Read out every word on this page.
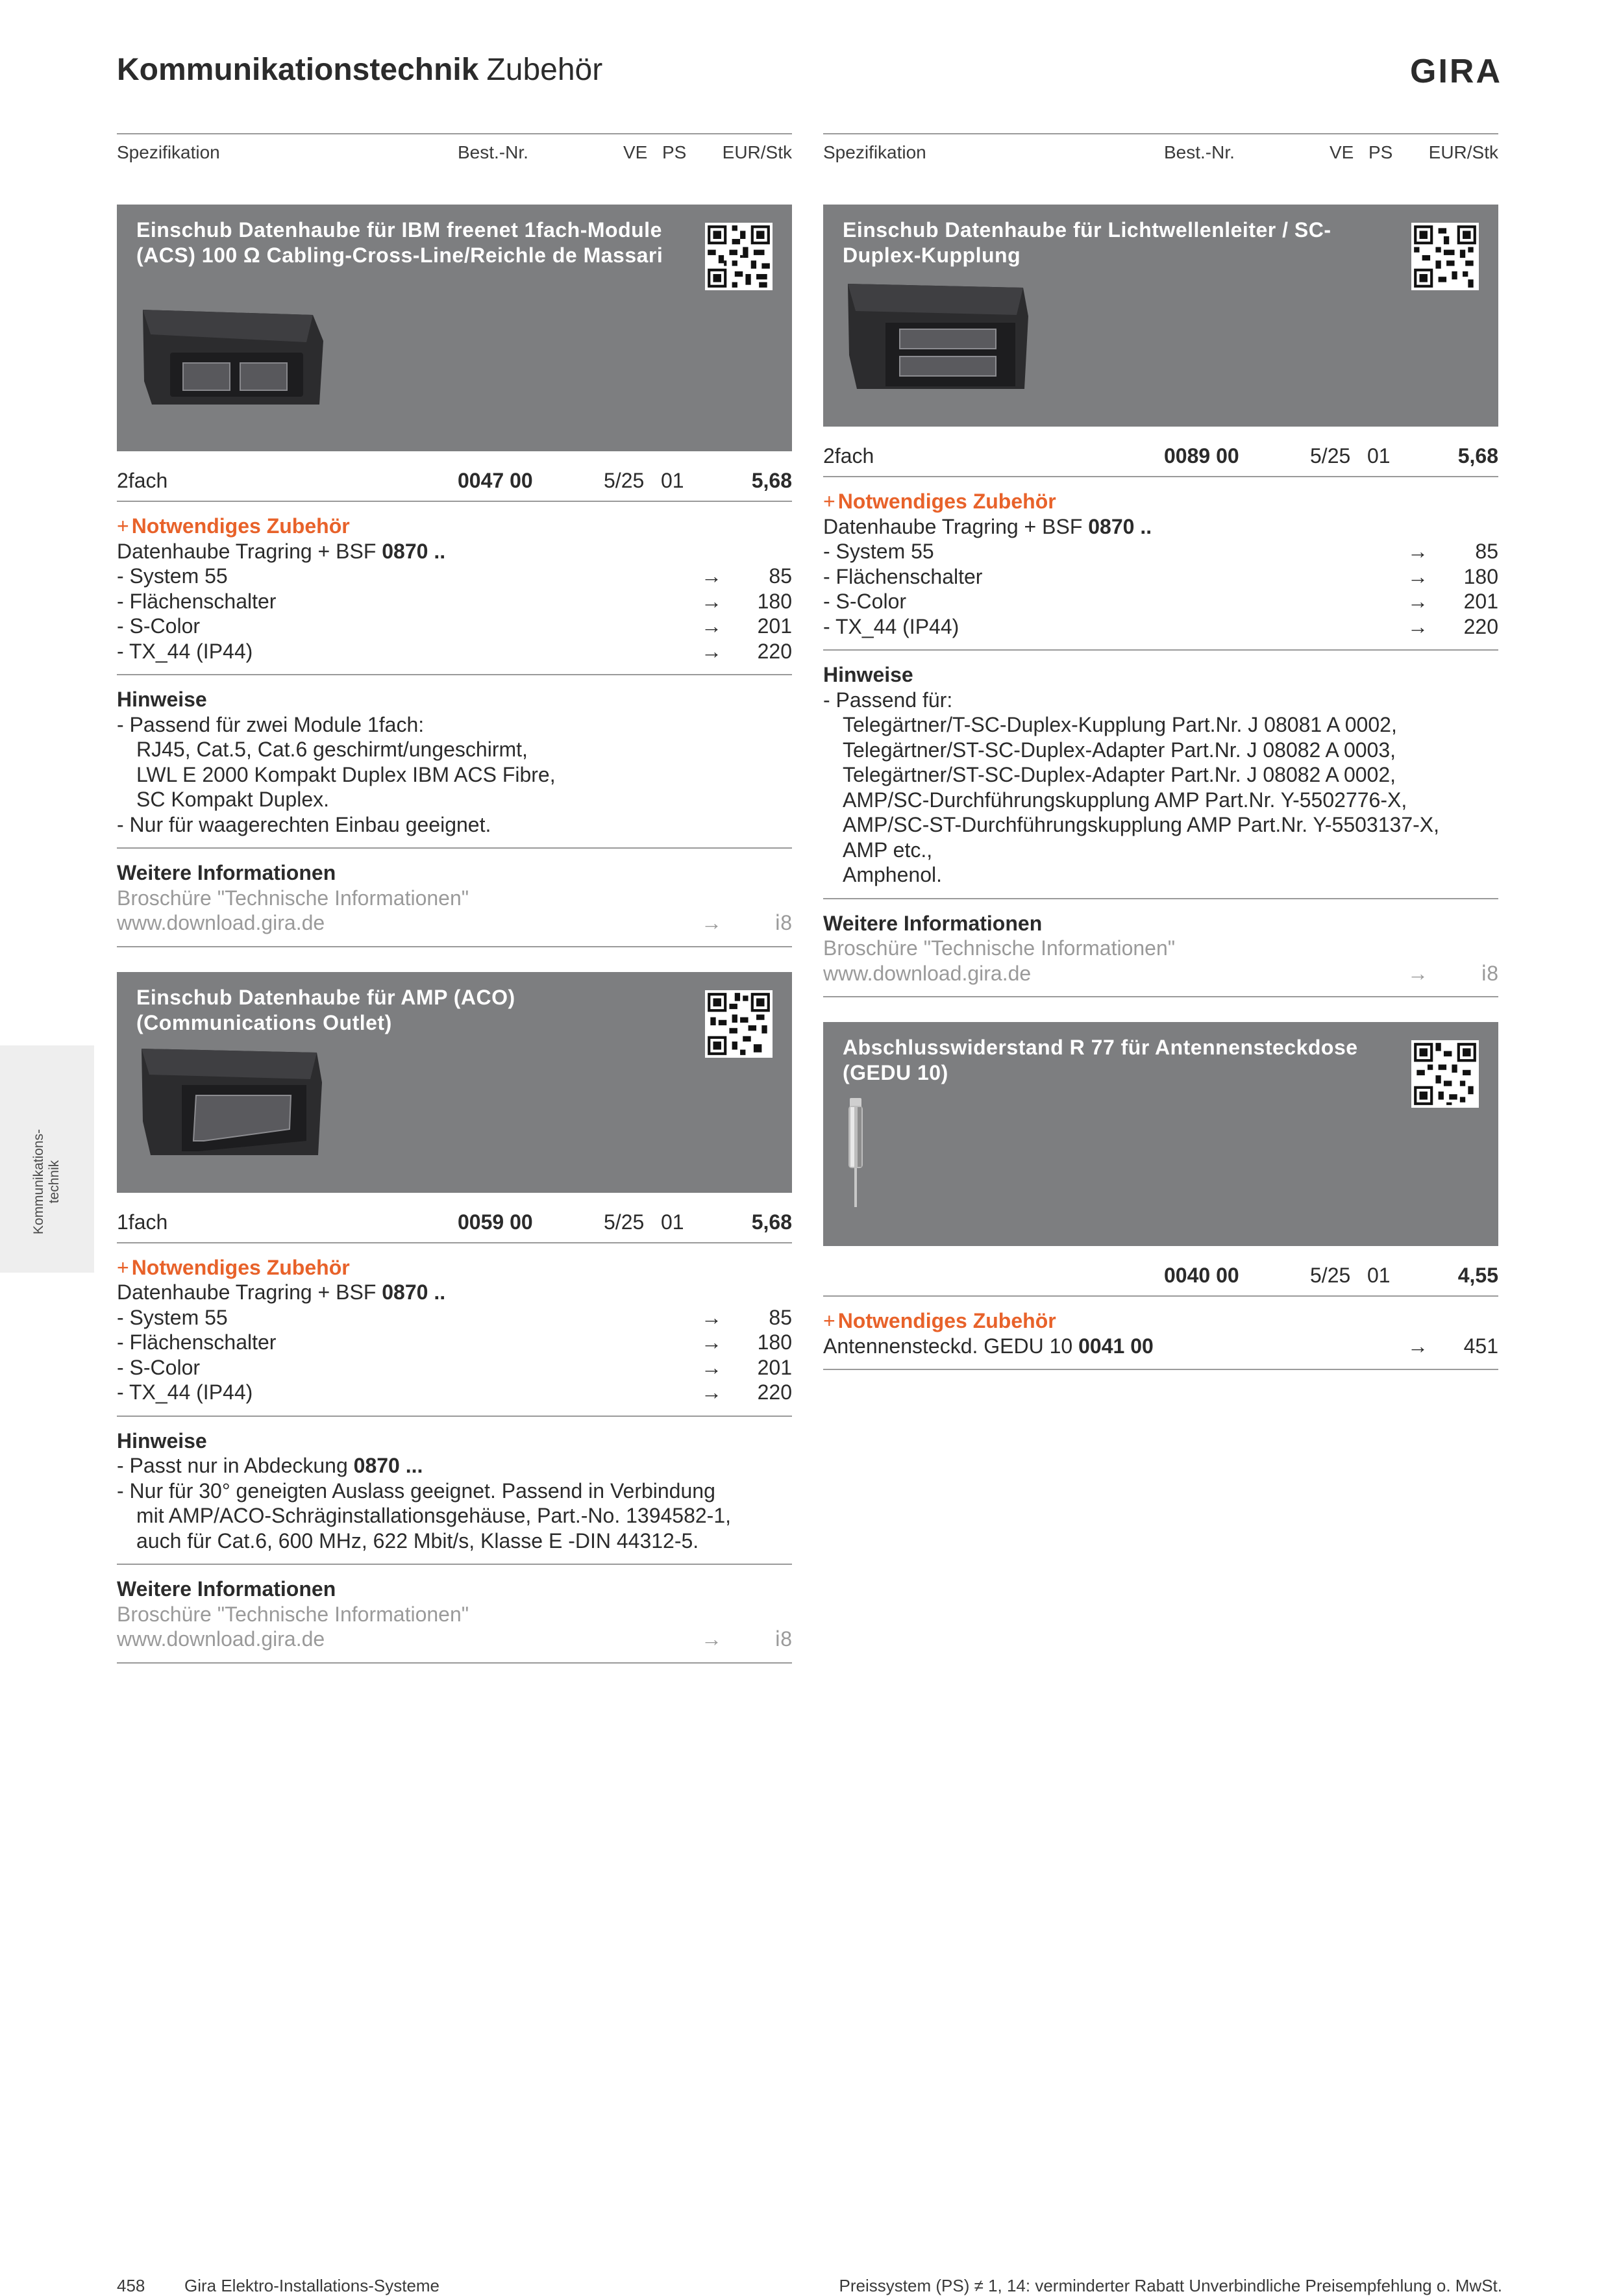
Kommunikationstechnik Zubehör	GIRA
Kommunikations- technik
Spezifikation	Best.-Nr.	VE PS EUR/Stk
Einschub Datenhaube für IBM freenet 1fach-Module (ACS) 100 Ω Cabling-Cross-Line/Reichle de Massari
2fach	0047 00	5/25 01	5,68
+ Notwendiges Zubehör
Datenhaube Tragring + BSF 0870 ..
- System 55	→ 85
- Flächenschalter	→ 180
- S-Color	→ 201
- TX_44 (IP44)	→ 220
Hinweise
- Passend für zwei Module 1fach:
RJ45, Cat.5, Cat.6 geschirmt/ungeschirmt,
LWL E 2000 Kompakt Duplex IBM ACS Fibre,
SC Kompakt Duplex.
- Nur für waagerechten Einbau geeignet.
Weitere Informationen
Broschüre "Technische Informationen"
www.download.gira.de	→	ⅰ8
Einschub Datenhaube für AMP (ACO) (Communications Outlet)
1fach	0059 00	5/25 01	5,68
+ Notwendiges Zubehör
Datenhaube Tragring + BSF 0870 ..
- System 55	→ 85
- Flächenschalter	→ 180
- S-Color	→ 201
- TX_44 (IP44)	→ 220
Hinweise
- Passt nur in Abdeckung 0870 ...
- Nur für 30° geneigten Auslass geeignet. Passend in Verbindung
mit AMP/ACO-Schräginstallationsgehäuse, Part.-No. 1394582-1,
auch für Cat.6, 600 MHz, 622 Mbit/s, Klasse E -DIN 44312-5.
Weitere Informationen
Broschüre "Technische Informationen"
www.download.gira.de	→	ⅰ8
Spezifikation	Best.-Nr.	VE PS EUR/Stk
Einschub Datenhaube für Lichtwellenleiter / SC-Duplex-Kupplung
2fach	0089 00	5/25 01	5,68
+ Notwendiges Zubehör
Datenhaube Tragring + BSF 0870 ..
- System 55	→ 85
- Flächenschalter	→ 180
- S-Color	→ 201
- TX_44 (IP44)	→ 220
Hinweise
- Passend für:
Telegärtner/T-SC-Duplex-Kupplung Part.Nr. J 08081 A 0002,
Telegärtner/ST-SC-Duplex-Adapter Part.Nr. J 08082 A 0003,
Telegärtner/ST-SC-Duplex-Adapter Part.Nr. J 08082 A 0002,
AMP/SC-Durchführungskupplung AMP Part.Nr. Y-5502776-X,
AMP/SC-ST-Durchführungskupplung AMP Part.Nr. Y-5503137-X,
AMP etc.,
Amphenol.
Weitere Informationen
Broschüre "Technische Informationen"
www.download.gira.de	→	ⅰ8
Abschlusswiderstand R 77 für Antennensteckdose (GEDU 10)
0040 00	5/25 01	4,55
+ Notwendiges Zubehör
Antennensteckd. GEDU 10 0041 00	→ 451
458 Gira Elektro-Installations-Systeme	Preissystem (PS) ≠ 1, 14: verminderter Rabatt Unverbindliche Preisempfehlung o. MwSt.
